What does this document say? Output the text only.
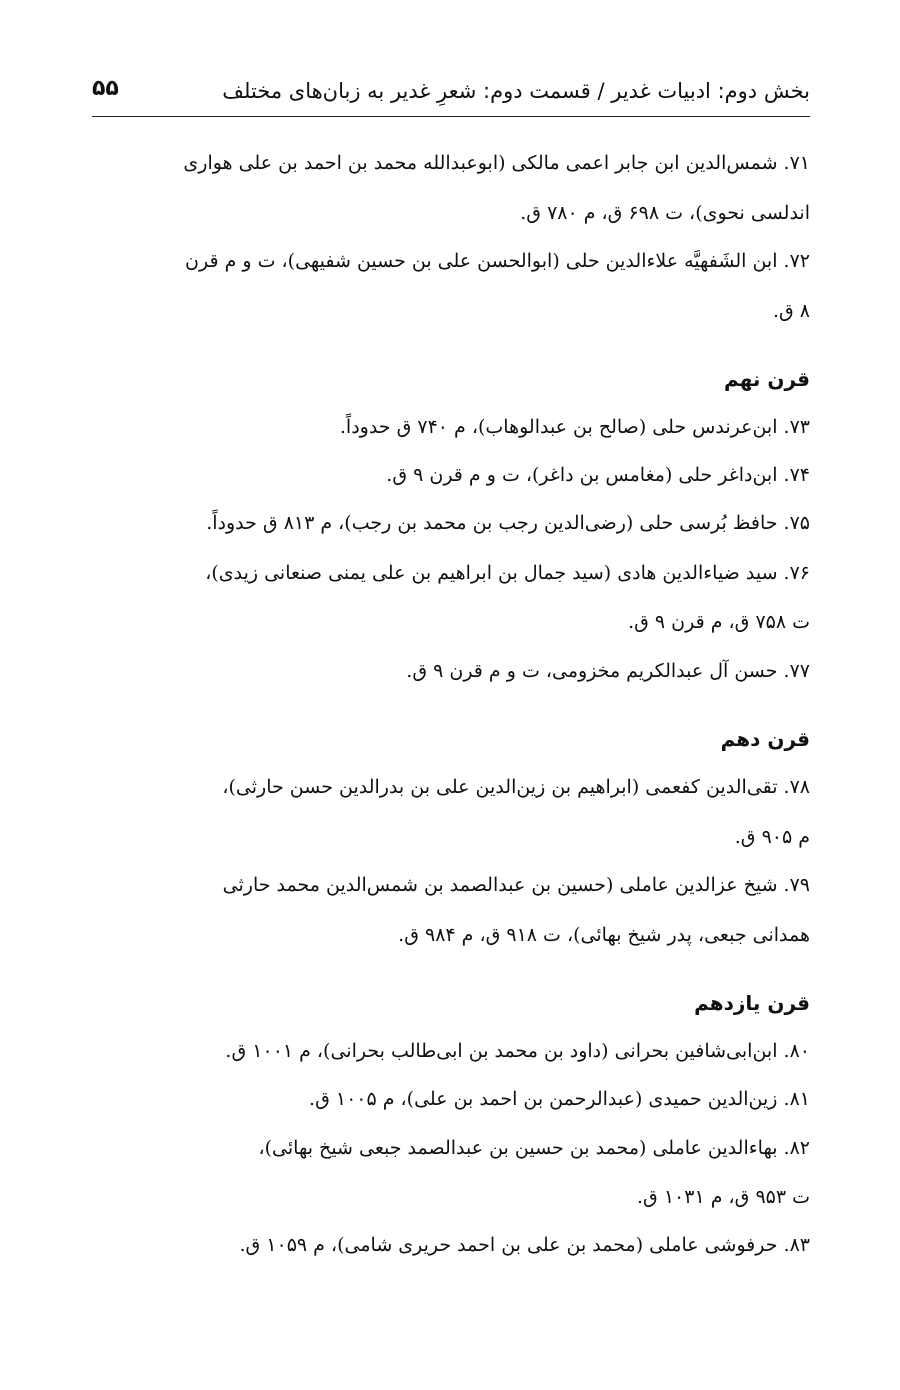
بخش دوم: ادبیات غدیر / قسمت دوم: شعرِ غدیر به زبان‌های مختلف
۵۵
۷۱. شمس‌الدین ابن جابر اعمی مالکی (ابوعبدالله محمد بن احمد بن علی هواری
اندلسی نحوی)، ت ۶۹۸ ق، م ۷۸۰ ق.
۷۲. ابن الشَفهیَّه علاءالدین حلی (ابوالحسن علی بن حسین شفیهی)، ت و م قرن
۸ ق.
قرن نهم
۷۳. ابن‌عرندس حلی (صالح بن عبدالوهاب)، م ۷۴۰ ق حدوداً.
۷۴. ابن‌داغر حلی (مغامس بن داغر)، ت و م قرن ۹ ق.
۷۵. حافظ بُرسی حلی (رضی‌الدین رجب بن محمد بن رجب)، م ۸۱۳ ق حدوداً.
۷۶. سید ضیاءالدین هادی (سید جمال بن ابراهیم بن علی یمنی صنعانی زیدی)،
ت ۷۵۸ ق، م قرن ۹ ق.
۷۷. حسن آل عبدالکریم مخزومی، ت و م قرن ۹ ق.
قرن دهم
۷۸. تقی‌الدین کفعمی (ابراهیم بن زین‌الدین علی بن بدرالدین حسن حارثی)،
م ۹۰۵ ق.
۷۹. شیخ عزالدین عاملی (حسین بن عبدالصمد بن شمس‌الدین محمد حارثی
همدانی جبعی، پدر شیخ بهائی)، ت ۹۱۸ ق، م ۹۸۴ ق.
قرن یازدهم
۸۰. ابن‌ابی‌شافین بحرانی (داود بن محمد بن ابی‌طالب بحرانی)، م ۱۰۰۱ ق.
۸۱. زین‌الدین حمیدی (عبدالرحمن بن احمد بن علی)، م ۱۰۰۵ ق.
۸۲. بهاءالدین عاملی (محمد بن حسین بن عبدالصمد جبعی شیخ بهائی)،
ت ۹۵۳ ق، م ۱۰۳۱ ق.
۸۳. حرفوشی عاملی (محمد بن علی بن احمد حریری شامی)، م ۱۰۵۹ ق.
